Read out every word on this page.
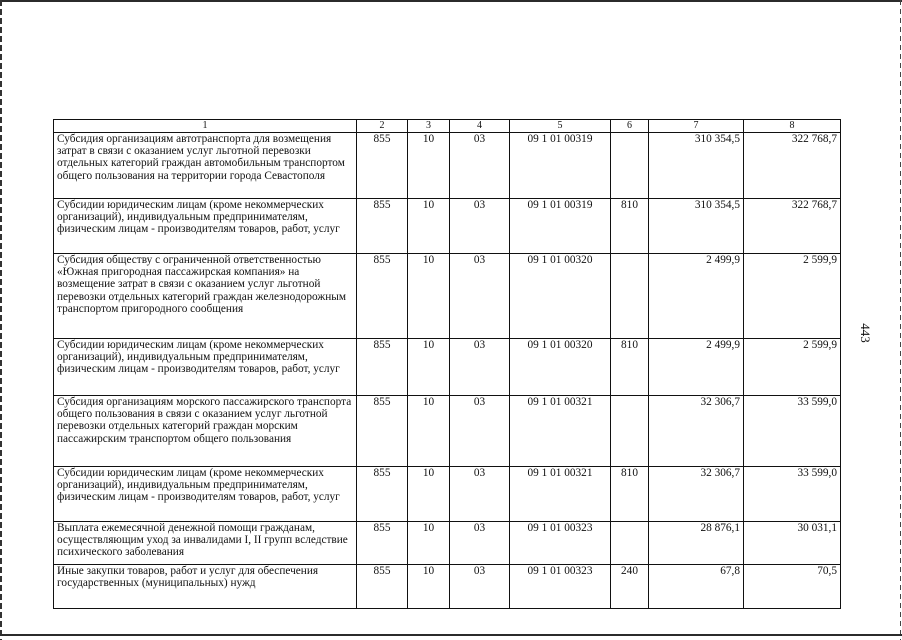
443
1	2	3	4	5	6	7	8
Субсидия организациям автотранспорта для возмещения затрат в связи с оказанием услуг льготной перевозки отдельных категорий граждан автомобильным транспортом общего пользования на территории города Севастополя	855	10	03	09 1 01 00319		310 354,5	322 768,7
Субсидии юридическим лицам (кроме некоммерческих организаций), индивидуальным предпринимателям, физическим лицам - производителям товаров, работ, услуг	855	10	03	09 1 01 00319	810	310 354,5	322 768,7
Субсидия обществу с ограниченной ответственностью «Южная пригородная пассажирская компания» на возмещение затрат в связи с оказанием услуг льготной перевозки отдельных категорий граждан железнодорожным транспортом пригородного сообщения	855	10	03	09 1 01 00320		2 499,9	2 599,9
Субсидии юридическим лицам (кроме некоммерческих организаций), индивидуальным предпринимателям, физическим лицам - производителям товаров, работ, услуг	855	10	03	09 1 01 00320	810	2 499,9	2 599,9
Субсидия организациям морского пассажирского транспорта общего пользования в связи с оказанием услуг льготной перевозки отдельных категорий граждан морским пассажирским транспортом общего пользования	855	10	03	09 1 01 00321		32 306,7	33 599,0
Субсидии юридическим лицам (кроме некоммерческих организаций), индивидуальным предпринимателям, физическим лицам - производителям товаров, работ, услуг	855	10	03	09 1 01 00321	810	32 306,7	33 599,0
Выплата ежемесячной денежной помощи гражданам, осуществляющим уход за инвалидами I, II групп вследствие психического заболевания	855	10	03	09 1 01 00323		28 876,1	30 031,1
Иные закупки товаров, работ и услуг для обеспечения государственных (муниципальных) нужд	855	10	03	09 1 01 00323	240	67,8	70,5
